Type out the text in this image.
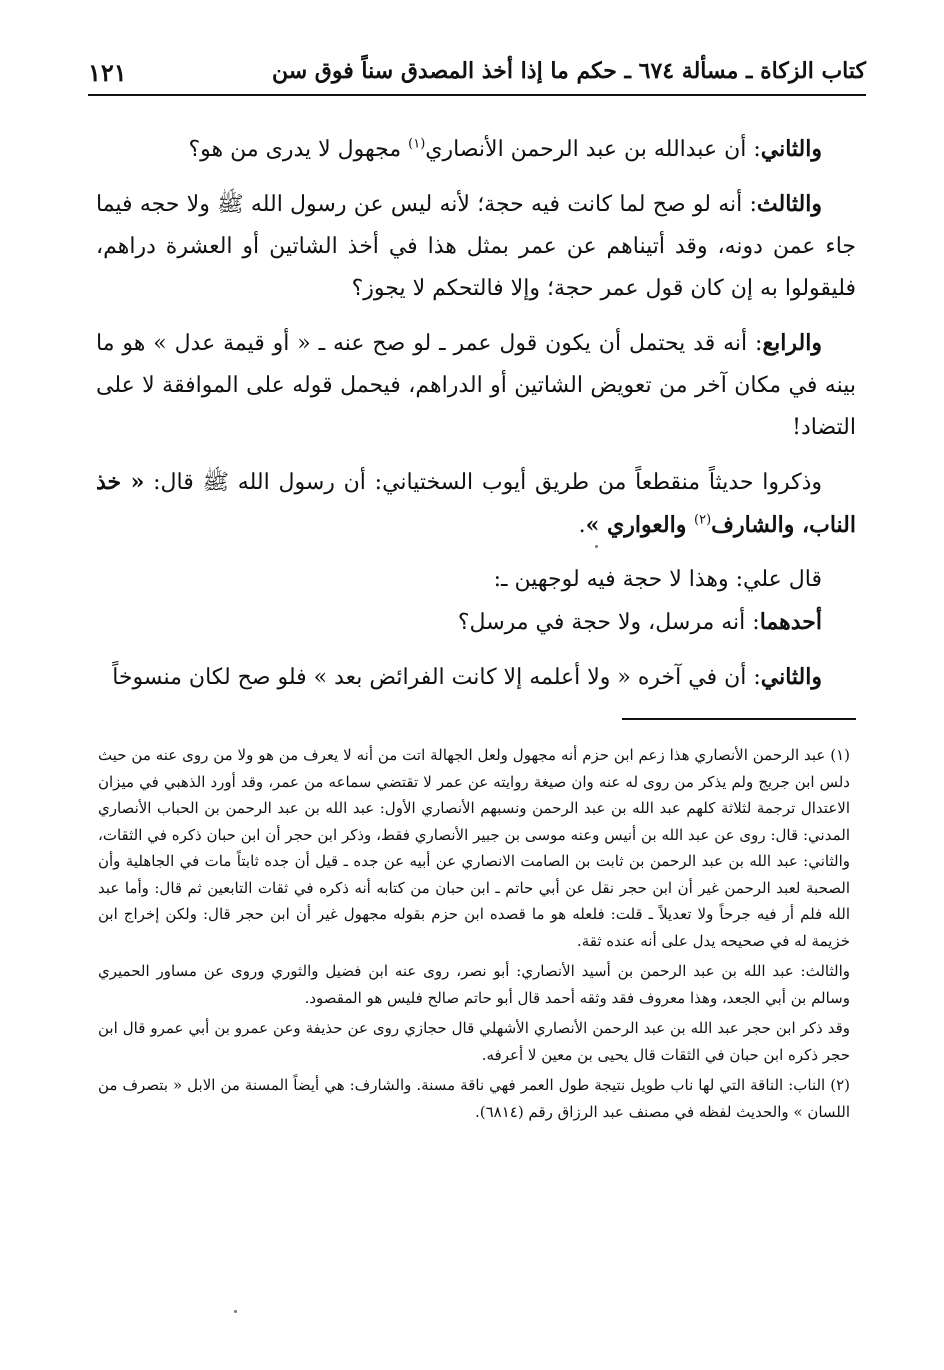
كتاب الزكاة ـ مسألة ٦٧٤ ـ حكم ما إذا أخذ المصدق سناً فوق سن
١٢١

والثاني: أن عبدالله بن عبد الرحمن الأنصاري$^{(١)}$ مجهول لا يدرى من هو؟

والثالث: أنه لو صح لما كانت فيه حجة؛ لأنه ليس عن رسول الله ﷺ ولا حجه فيما جاء عمن دونه، وقد أتيناهم عن عمر بمثل هذا في أخذ الشاتين أو العشرة دراهم، فليقولوا به إن كان قول عمر حجة؛ وإلا فالتحكم لا يجوز؟

والرابع: أنه قد يحتمل أن يكون قول عمر ـ لو صح عنه ـ « أو قيمة عدل » هو ما بينه في مكان آخر من تعويض الشاتين أو الدراهم، فيحمل قوله على الموافقة لا على التضاد!

وذكروا حديثاً منقطعاً من طريق أيوب السختياني: أن رسول الله ﷺ قال: « خذ الناب، والشارف$^{(٢)}$ والعواري ».

قال علي: وهذا لا حجة فيه لوجهين ـ:

أحدهما: أنه مرسل، ولا حجة في مرسل؟

والثاني: أن في آخره « ولا أعلمه إلا كانت الفرائض بعد » فلو صح لكان منسوخاً

(١) عبد الرحمن الأنصاري هذا زعم ابن حزم أنه مجهول ولعل الجهالة اتت من أنه لا يعرف من هو ولا من روى عنه من حيث دلس ابن جريج ولم يذكر من روى له عنه وان صيغة روايته عن عمر لا تقتضي سماعه من عمر، وقد أورد الذهبي في ميزان الاعتدال ترجمة لثلاثة كلهم عبد الله بن عبد الرحمن ونسبهم الأنصاري الأول: عبد الله بن عبد الرحمن بن الحباب الأنصاري المدني: قال: روى عن عبد الله بن أنيس وعنه موسى بن جبير الأنصاري فقط، وذكر ابن حجر أن ابن حبان ذكره في الثقات، والثاني: عبد الله بن عبد الرحمن بن ثابت بن الصامت الانصاري عن أبيه عن جده ـ قيل أن جده ثابتاً مات في الجاهلية وأن الصحبة لعبد الرحمن غير أن ابن حجر نقل عن أبي حاتم ـ ابن حبان من كتابه أنه ذكره في ثقات التابعين ثم قال: وأما عبد الله فلم أر فيه جرحاً ولا تعديلاً ـ قلت: فلعله هو ما قصده ابن حزم بقوله مجهول غير أن ابن حجر قال: ولكن إخراج ابن خزيمة له في صحيحه يدل على أنه عنده ثقة.

والثالث: عبد الله بن عبد الرحمن بن أسيد الأنصاري: أبو نصر، روى عنه ابن فضيل والثوري وروى عن مساور الحميري وسالم بن أبي الجعد، وهذا معروف فقد وثقه أحمد قال أبو حاتم صالح فليس هو المقصود.

وقد ذكر ابن حجر عبد الله بن عبد الرحمن الأنصاري الأشهلي قال حجازي روى عن حذيفة وعن عمرو بن أبي عمرو قال ابن حجر ذكره ابن حبان في الثقات قال يحيى بن معين لا أعرفه.

(٢) الناب: الناقة التي لها ناب طويل نتيجة طول العمر فهي ناقة مسنة. والشارف: هي أيضاً المسنة من الابل « بتصرف من اللسان » والحديث لفظه في مصنف عبد الرزاق رقم (٦٨١٤).
